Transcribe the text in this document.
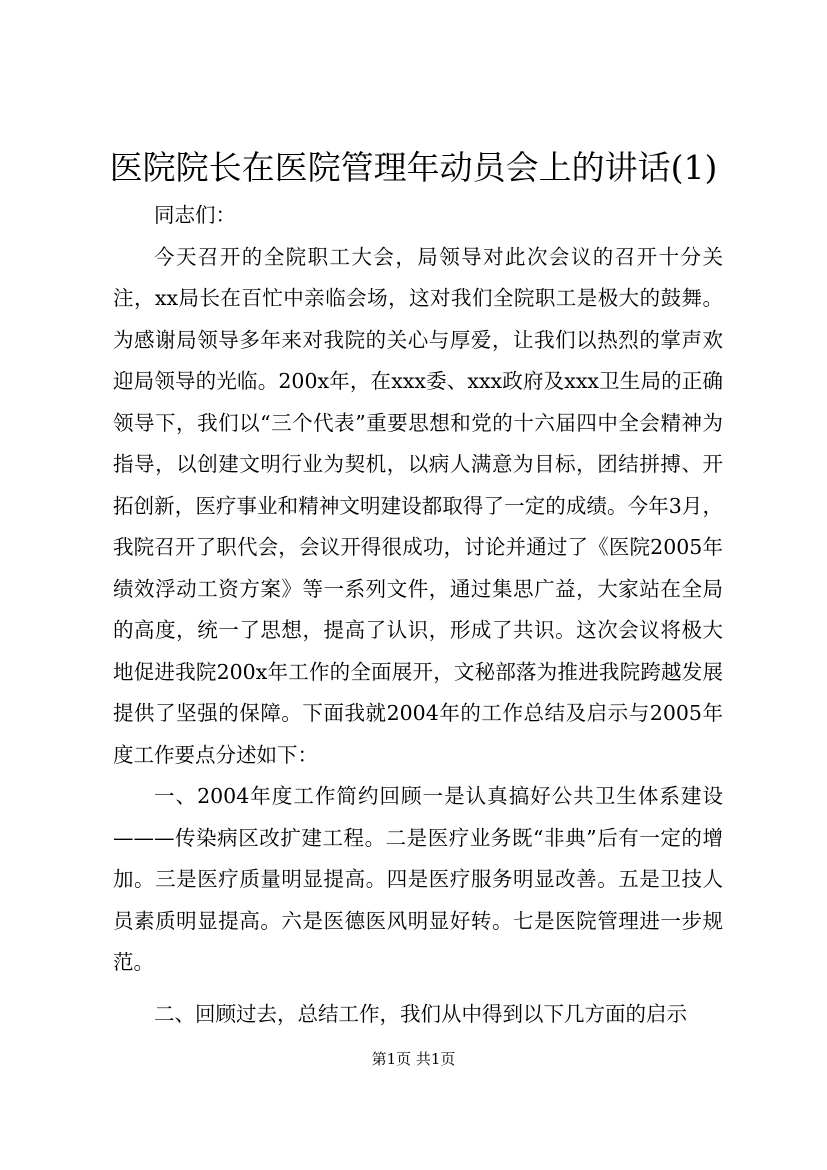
医院院长在医院管理年动员会上的讲话(1)

同志们：

今天召开的全院职工大会，局领导对此次会议的召开十分关注，xx局长在百忙中亲临会场，这对我们全院职工是极大的鼓舞。为感谢局领导多年来对我院的关心与厚爱，让我们以热烈的掌声欢迎局领导的光临。200x年，在xxx委、xxx政府及xxx卫生局的正确领导下，我们以“三个代表”重要思想和党的十六届四中全会精神为指导，以创建文明行业为契机，以病人满意为目标，团结拼搏、开拓创新，医疗事业和精神文明建设都取得了一定的成绩。今年3月，我院召开了职代会，会议开得很成功，讨论并通过了《医院2005年绩效浮动工资方案》等一系列文件，通过集思广益，大家站在全局的高度，统一了思想，提高了认识，形成了共识。这次会议将极大地促进我院200x年工作的全面展开，文秘部落为推进我院跨越发展提供了坚强的保障。下面我就2004年的工作总结及启示与2005年度工作要点分述如下：

一、2004年度工作简约回顾一是认真搞好公共卫生体系建设———传染病区改扩建工程。二是医疗业务既“非典”后有一定的增加。三是医疗质量明显提高。四是医疗服务明显改善。五是卫技人员素质明显提高。六是医德医风明显好转。七是医院管理进一步规范。

二、回顾过去，总结工作，我们从中得到以下几方面的启示

第1页 共1页
